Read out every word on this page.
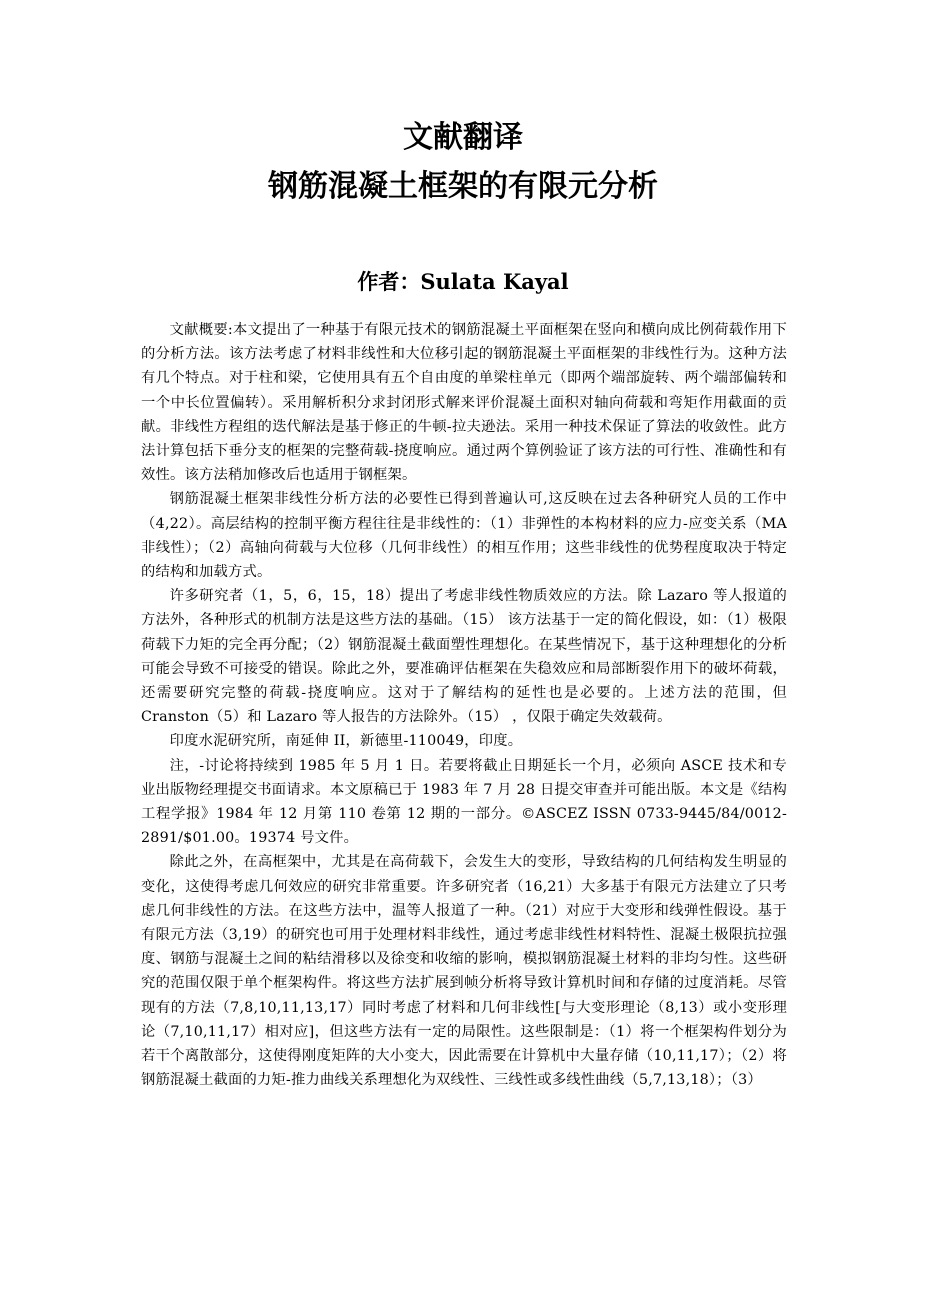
文献翻译
钢筋混凝土框架的有限元分析
作者：Sulata Kayal

文献概要:本文提出了一种基于有限元技术的钢筋混凝土平面框架在竖向和横向成比例荷载作用下的分析方法。该方法考虑了材料非线性和大位移引起的钢筋混凝土平面框架的非线性行为。这种方法有几个特点。对于柱和梁，它使用具有五个自由度的单梁柱单元（即两个端部旋转、两个端部偏转和一个中长位置偏转）。采用解析积分求封闭形式解来评价混凝土面积对轴向荷载和弯矩作用截面的贡献。非线性方程组的迭代解法是基于修正的牛顿-拉夫逊法。采用一种技术保证了算法的收敛性。此方法计算包括下垂分支的框架的完整荷载-挠度响应。通过两个算例验证了该方法的可行性、准确性和有效性。该方法稍加修改后也适用于钢框架。

钢筋混凝土框架非线性分析方法的必要性已得到普遍认可,这反映在过去各种研究人员的工作中（4,22）。高层结构的控制平衡方程往往是非线性的：（1）非弹性的本构材料的应力-应变关系（MA 非线性）；（2）高轴向荷载与大位移（几何非线性）的相互作用；这些非线性的优势程度取决于特定的结构和加载方式。

许多研究者（1，5，6，15，18）提出了考虑非线性物质效应的方法。除 Lazaro 等人报道的方法外，各种形式的机制方法是这些方法的基础。（15） 该方法基于一定的简化假设，如：（1）极限荷载下力矩的完全再分配；（2）钢筋混凝土截面塑性理想化。在某些情况下，基于这种理想化的分析可能会导致不可接受的错误。除此之外，要准确评估框架在失稳效应和局部断裂作用下的破坏荷载，还需要研究完整的荷载-挠度响应。这对于了解结构的延性也是必要的。上述方法的范围，但 Cranston（5）和 Lazaro 等人报告的方法除外。（15） ，仅限于确定失效载荷。

印度水泥研究所，南延伸 II，新德里-110049，印度。

注，-讨论将持续到 1985 年 5 月 1 日。若要将截止日期延长一个月，必须向 ASCE 技术和专业出版物经理提交书面请求。本文原稿已于 1983 年 7 月 28 日提交审查并可能出版。本文是《结构工程学报》1984 年 12 月第 110 卷第 12 期的一部分。©ASCEZ ISSN 0733-9445/84/0012-2891/$01.00。19374 号文件。

除此之外，在高框架中，尤其是在高荷载下，会发生大的变形，导致结构的几何结构发生明显的变化，这使得考虑几何效应的研究非常重要。许多研究者（16,21）大多基于有限元方法建立了只考虑几何非线性的方法。在这些方法中，温等人报道了一种。（21）对应于大变形和线弹性假设。基于有限元方法（3,19）的研究也可用于处理材料非线性，通过考虑非线性材料特性、混凝土极限抗拉强度、钢筋与混凝土之间的粘结滑移以及徐变和收缩的影响，模拟钢筋混凝土材料的非均匀性。这些研究的范围仅限于单个框架构件。将这些方法扩展到帧分析将导致计算机时间和存储的过度消耗。尽管现有的方法（7,8,10,11,13,17）同时考虑了材料和几何非线性[与大变形理论（8,13）或小变形理论（7,10,11,17）相对应]，但这些方法有一定的局限性。这些限制是：（1）将一个框架构件划分为若干个离散部分，这使得刚度矩阵的大小变大，因此需要在计算机中大量存储（10,11,17）；（2）将钢筋混凝土截面的力矩-推力曲线关系理想化为双线性、三线性或多线性曲线（5,7,13,18）；（3）
